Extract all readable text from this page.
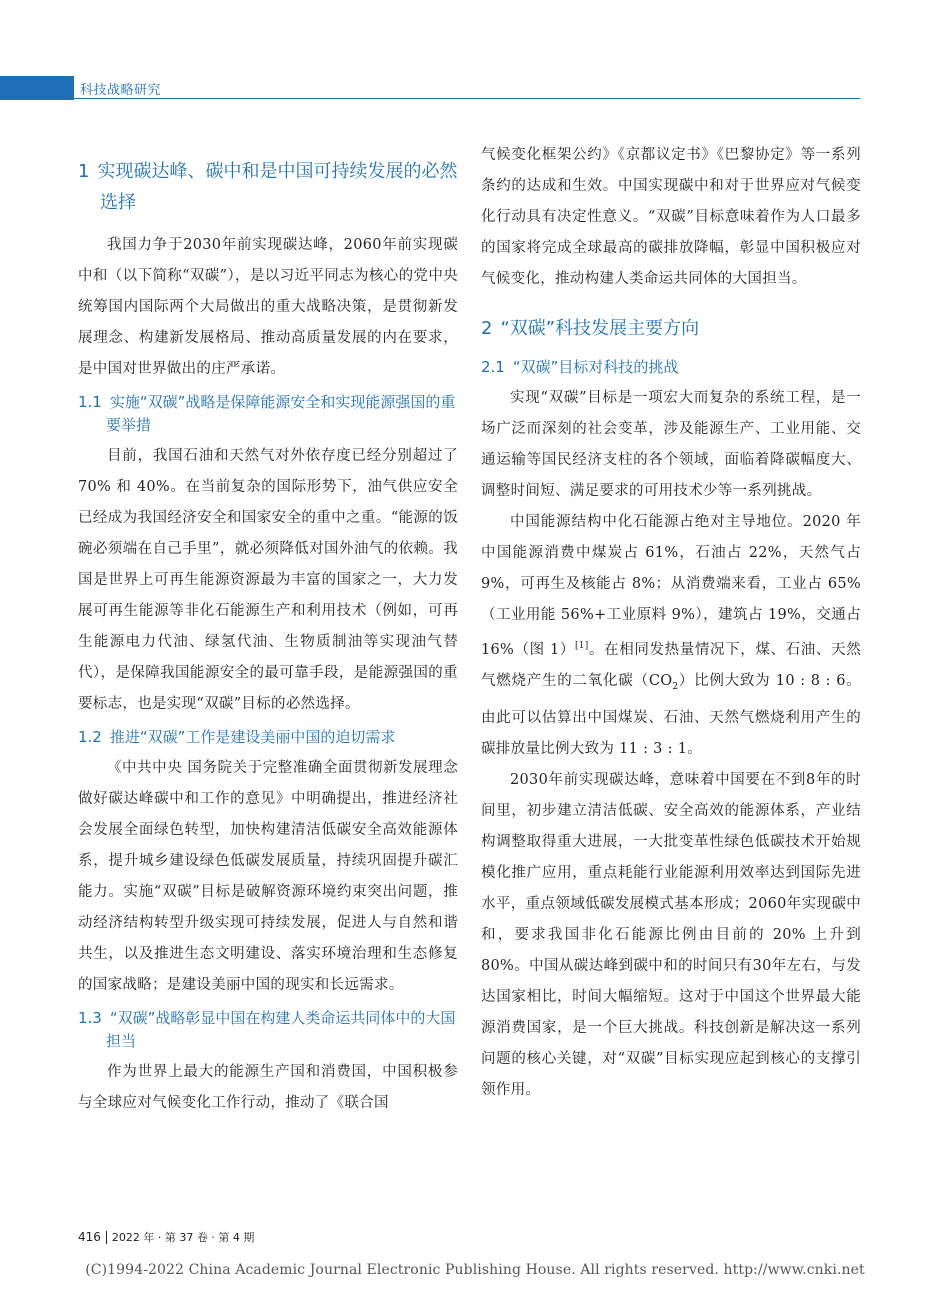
科技战略研究
1 实现碳达峰、碳中和是中国可持续发展的必然选择

我国力争于2030年前实现碳达峰，2060年前实现碳中和（以下简称“双碳”），是以习近平同志为核心的党中央统筹国内国际两个大局做出的重大战略决策，是贯彻新发展理念、构建新发展格局、推动高质量发展的内在要求，是中国对世界做出的庄严承诺。

1.1 实施“双碳”战略是保障能源安全和实现能源强国的重要举措

目前，我国石油和天然气对外依存度已经分别超过了 70% 和 40%。在当前复杂的国际形势下，油气供应安全已经成为我国经济安全和国家安全的重中之重。“能源的饭碗必须端在自己手里”，就必须降低对国外油气的依赖。我国是世界上可再生能源资源最为丰富的国家之一，大力发展可再生能源等非化石能源生产和利用技术（例如，可再生能源电力代油、绿氢代油、生物质制油等实现油气替代），是保障我国能源安全的最可靠手段，是能源强国的重要标志，也是实现“双碳”目标的必然选择。

1.2 推进“双碳”工作是建设美丽中国的迫切需求

《中共中央 国务院关于完整准确全面贯彻新发展理念做好碳达峰碳中和工作的意见》中明确提出，推进经济社会发展全面绿色转型，加快构建清洁低碳安全高效能源体系，提升城乡建设绿色低碳发展质量，持续巩固提升碳汇能力。实施“双碳”目标是破解资源环境约束突出问题，推动经济结构转型升级实现可持续发展，促进人与自然和谐共生，以及推进生态文明建设、落实环境治理和生态修复的国家战略；是建设美丽中国的现实和长远需求。

1.3 “双碳”战略彰显中国在构建人类命运共同体中的大国担当

作为世界上最大的能源生产国和消费国，中国积极参与全球应对气候变化工作行动，推动了《联合国

气候变化框架公约》《京都议定书》《巴黎协定》等一系列条约的达成和生效。中国实现碳中和对于世界应对气候变化行动具有决定性意义。“双碳”目标意味着作为人口最多的国家将完成全球最高的碳排放降幅，彰显中国积极应对气候变化，推动构建人类命运共同体的大国担当。

2 “双碳”科技发展主要方向
2.1 “双碳”目标对科技的挑战

实现“双碳”目标是一项宏大而复杂的系统工程，是一场广泛而深刻的社会变革，涉及能源生产、工业用能、交通运输等国民经济支柱的各个领域，面临着降碳幅度大、调整时间短、满足要求的可用技术少等一系列挑战。

中国能源结构中化石能源占绝对主导地位。2020 年中国能源消费中煤炭占 61%，石油占 22%，天然气占 9%，可再生及核能占 8%；从消费端来看，工业占 65%（工业用能 56%+工业原料 9%），建筑占 19%，交通占 16%（图 1）[1]。在相同发热量情况下，煤、石油、天然气燃烧产生的二氧化碳$(CO_2)$比例大致为 10 : 8 : 6。由此可以估算出中国煤炭、石油、天然气燃烧利用产生的碳排放量比例大致为 11 : 3 : 1。

2030年前实现碳达峰，意味着中国要在不到8年的时间里，初步建立清洁低碳、安全高效的能源体系，产业结构调整取得重大进展，一大批变革性绿色低碳技术开始规模化推广应用，重点耗能行业能源利用效率达到国际先进水平，重点领域低碳发展模式基本形成；2060年实现碳中和，要求我国非化石能源比例由目前的 20% 上升到 80%。中国从碳达峰到碳中和的时间只有30年左右，与发达国家相比，时间大幅缩短。这对于中国这个世界最大能源消费国家，是一个巨大挑战。科技创新是解决这一系列问题的核心关键，对“双碳”目标实现应起到核心的支撑引领作用。

416	2022 年 · 第 37 卷 · 第 4 期
(C)1994-2022 China Academic Journal Electronic Publishing House. All rights reserved. http://www.cnki.net
